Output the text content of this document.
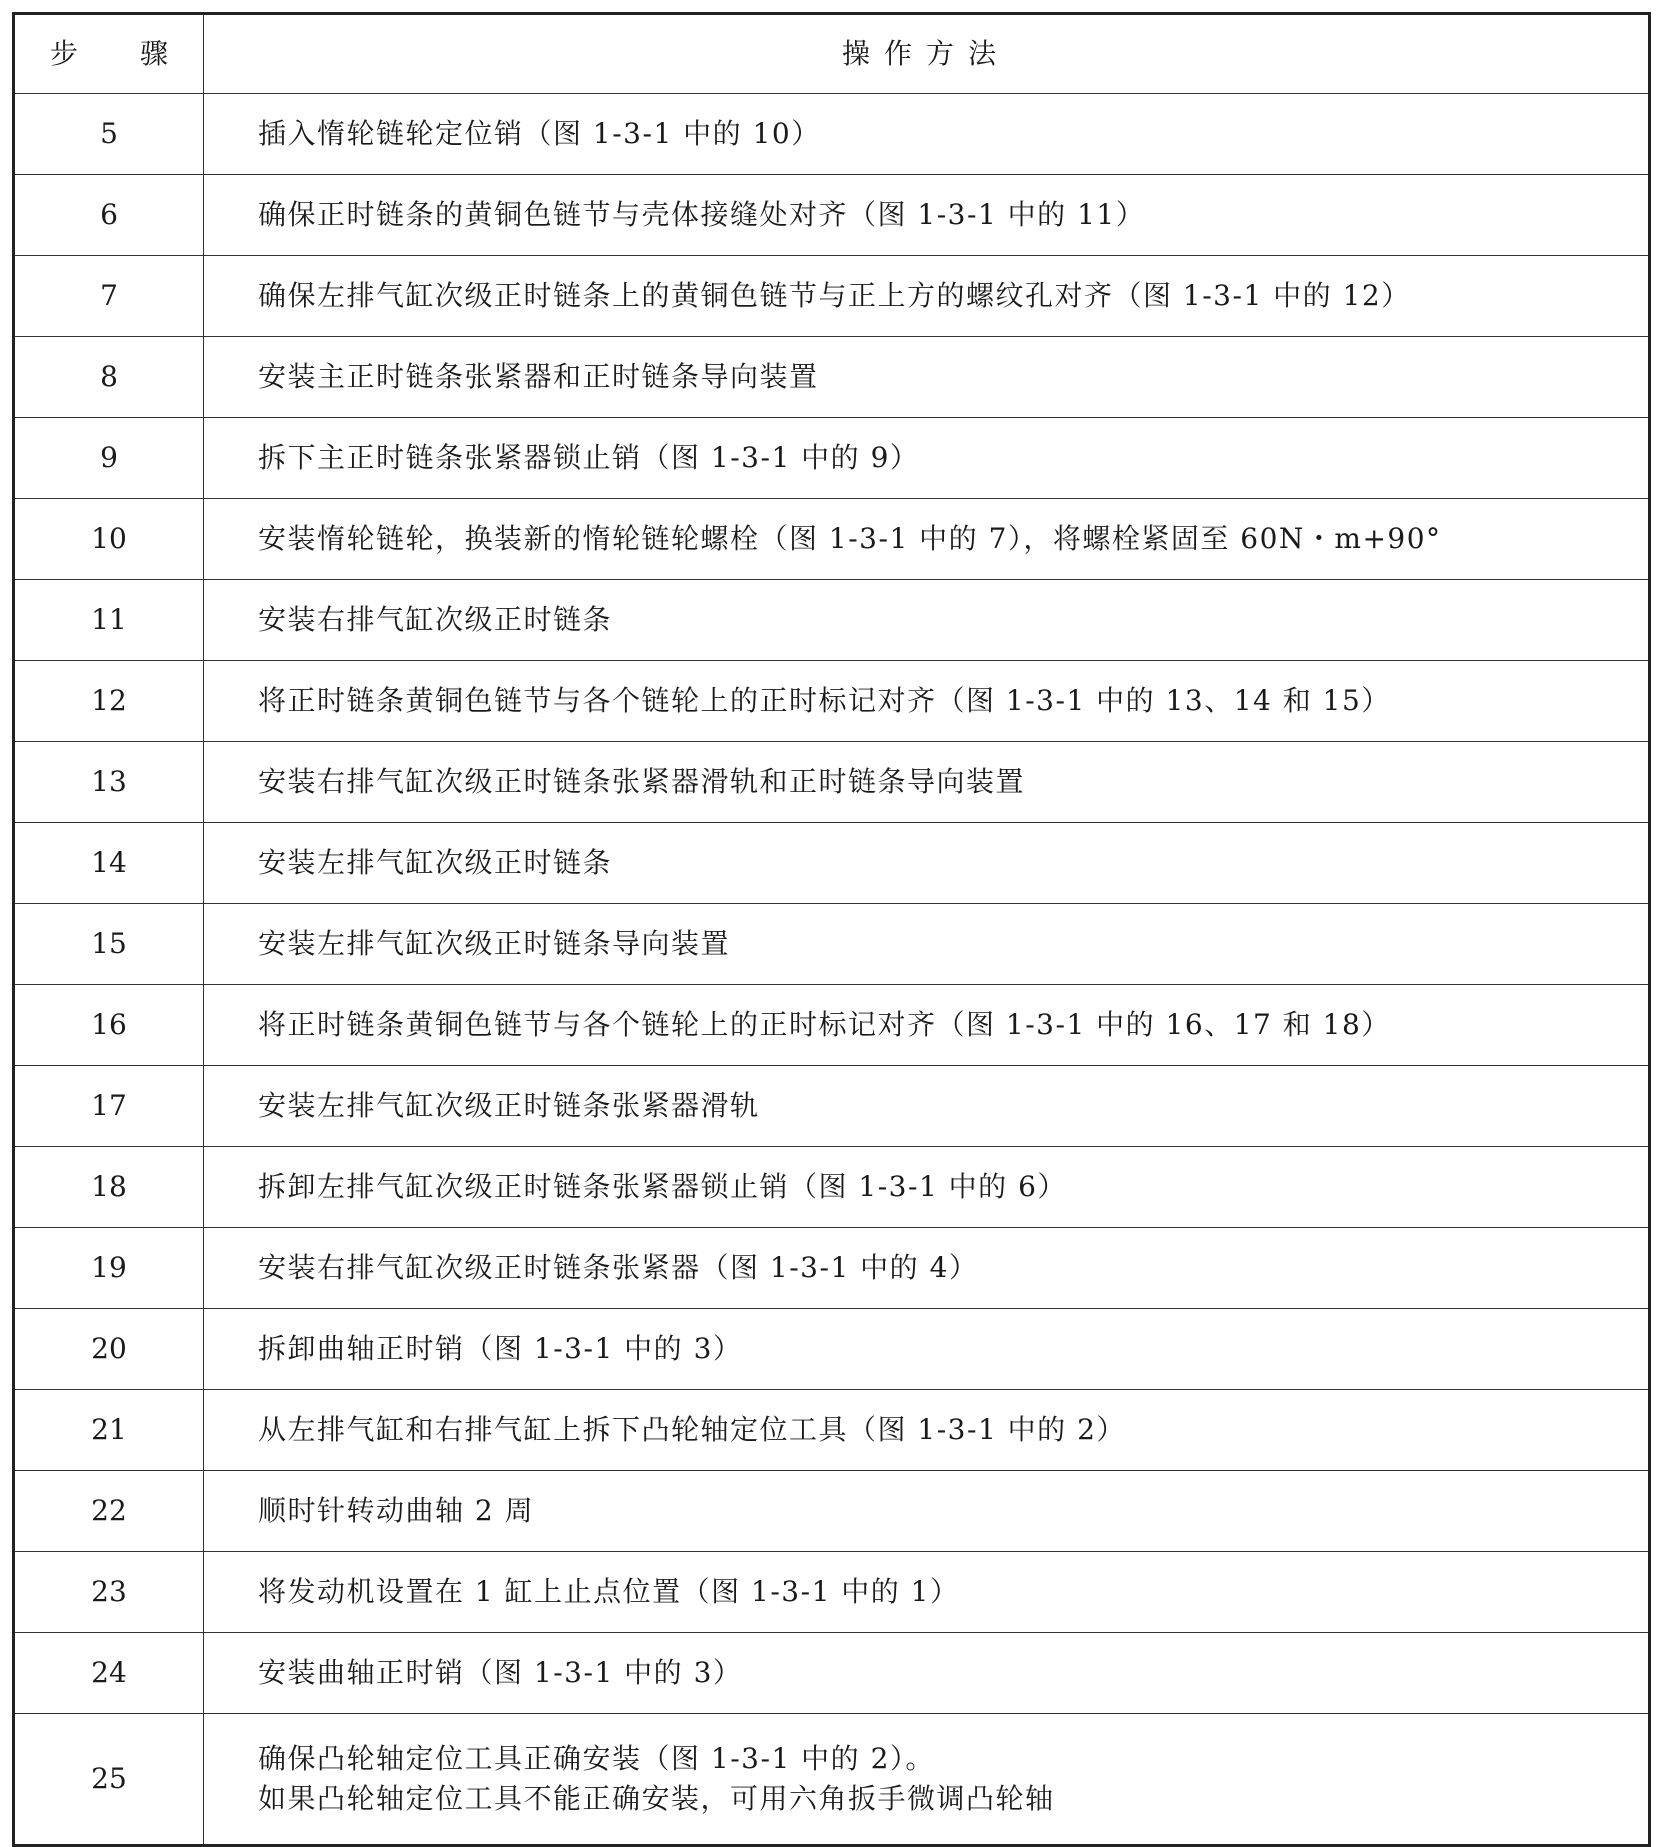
步 骤	操作方法
5	插入惰轮链轮定位销（图 1-3-1 中的 10）

6	确保正时链条的黄铜色链节与壳体接缝处对齐（图 1-3-1 中的 11）

7	确保左排气缸次级正时链条上的黄铜色链节与正上方的螺纹孔对齐（图 1-3-1 中的 12）

8	安装主正时链条张紧器和正时链条导向装置

9	拆下主正时链条张紧器锁止销（图 1-3-1 中的 9）

10	安装惰轮链轮，换装新的惰轮链轮螺栓（图 1-3-1 中的 7），将螺栓紧固至 60N・m+90°

11	安装右排气缸次级正时链条

12	将正时链条黄铜色链节与各个链轮上的正时标记对齐（图 1-3-1 中的 13、14 和 15）

13	安装右排气缸次级正时链条张紧器滑轨和正时链条导向装置

14	安装左排气缸次级正时链条

15	安装左排气缸次级正时链条导向装置

16	将正时链条黄铜色链节与各个链轮上的正时标记对齐（图 1-3-1 中的 16、17 和 18）

17	安装左排气缸次级正时链条张紧器滑轨

18	拆卸左排气缸次级正时链条张紧器锁止销（图 1-3-1 中的 6）

19	安装右排气缸次级正时链条张紧器（图 1-3-1 中的 4）

20	拆卸曲轴正时销（图 1-3-1 中的 3）

21	从左排气缸和右排气缸上拆下凸轮轴定位工具（图 1-3-1 中的 2）

22	顺时针转动曲轴 2 周

23	将发动机设置在 1 缸上止点位置（图 1-3-1 中的 1）

24	安装曲轴正时销（图 1-3-1 中的 3）

25	确保凸轮轴定位工具正确安装（图 1-3-1 中的 2）。
如果凸轮轴定位工具不能正确安装，可用六角扳手微调凸轮轴
